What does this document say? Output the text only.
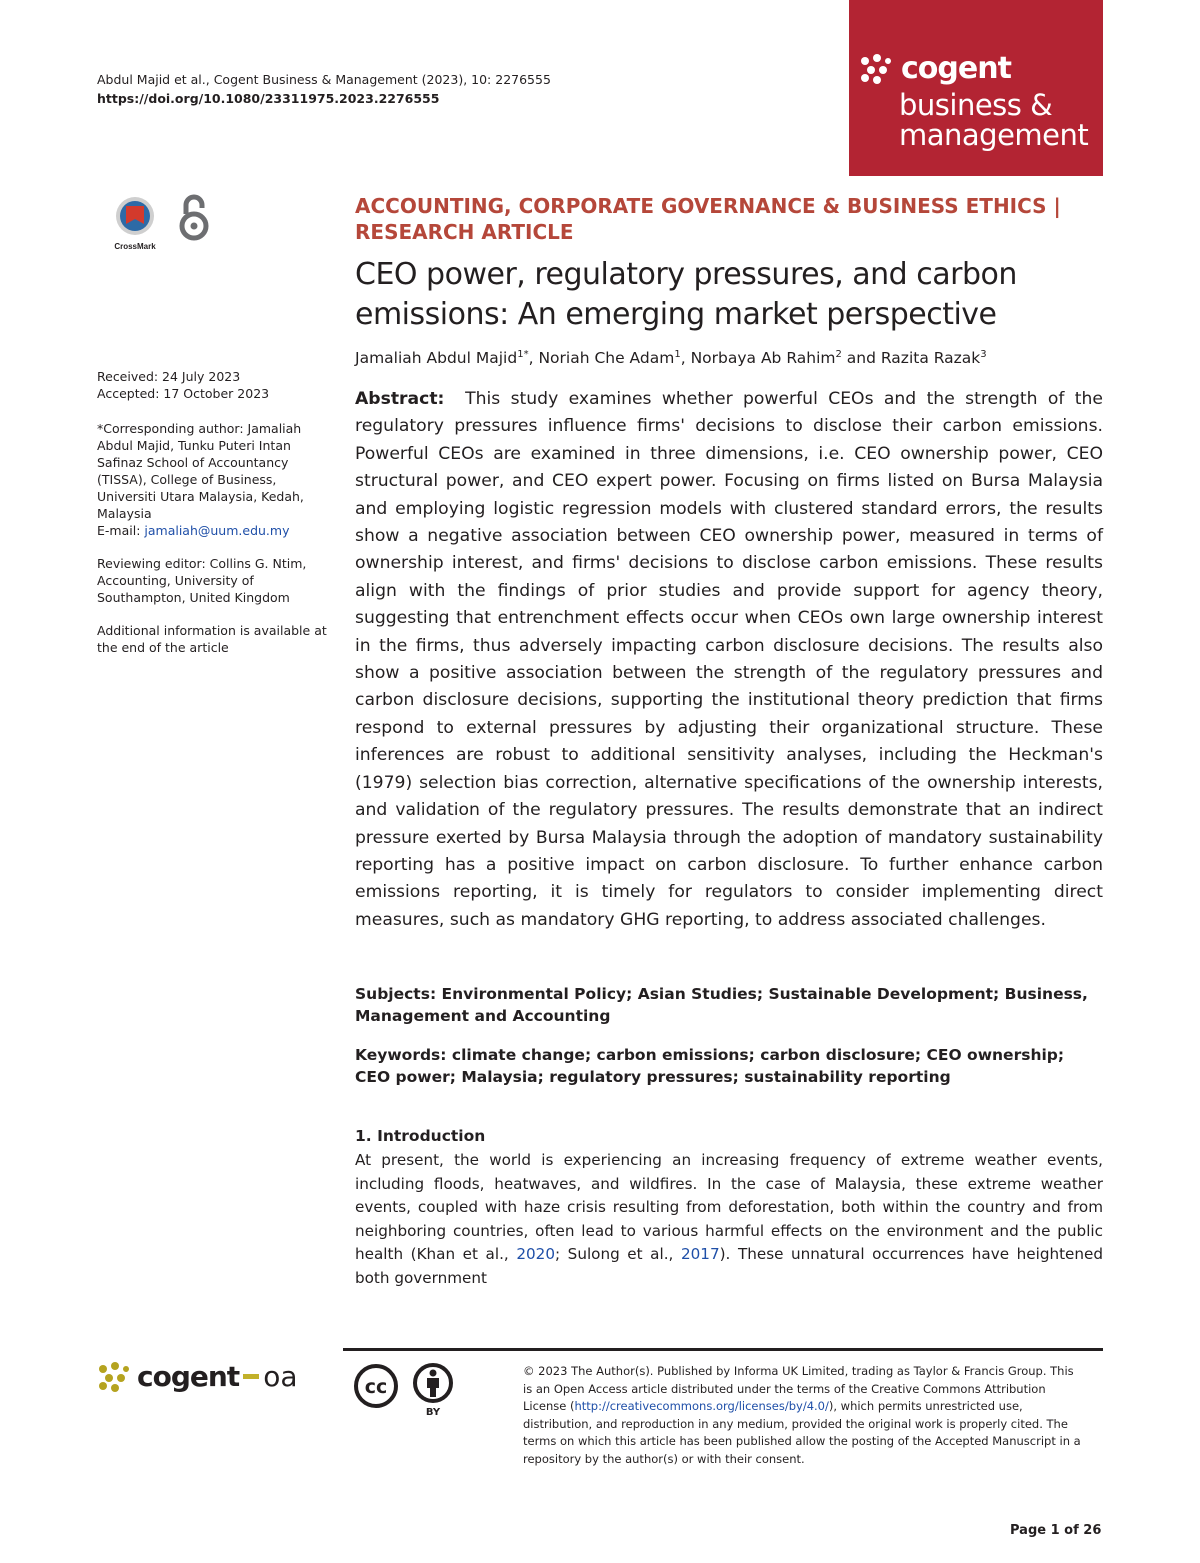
Abdul Majid et al., Cogent Business & Management (2023), 10: 2276555
https://doi.org/10.1080/23311975.2023.2276555
cogent
business &
management
CrossMark

Received: 24 July 2023
Accepted: 17 October 2023

*Corresponding author: Jamaliah Abdul Majid, Tunku Puteri Intan Safinaz School of Accountancy (TISSA), College of Business, Universiti Utara Malaysia, Kedah, Malaysia
E-mail: jamaliah@uum.edu.my

Reviewing editor: Collins G. Ntim, Accounting, University of Southampton, United Kingdom

Additional information is available at the end of the article

ACCOUNTING, CORPORATE GOVERNANCE & BUSINESS ETHICS | RESEARCH ARTICLE
CEO power, regulatory pressures, and carbon emissions: An emerging market perspective
Jamaliah Abdul Majid$^{1*}$, Noriah Che Adam$^1$, Norbaya Ab Rahim$^2$ and Razita Razak$^3$
Abstract: This study examines whether powerful CEOs and the strength of the regulatory pressures influence firms' decisions to disclose their carbon emissions. Powerful CEOs are examined in three dimensions, i.e. CEO ownership power, CEO structural power, and CEO expert power. Focusing on firms listed on Bursa Malaysia and employing logistic regression models with clustered standard errors, the results show a negative association between CEO ownership power, measured in terms of ownership interest, and firms' decisions to disclose carbon emissions. These results align with the findings of prior studies and provide support for agency theory, suggesting that entrenchment effects occur when CEOs own large ownership interest in the firms, thus adversely impacting carbon disclosure decisions. The results also show a positive association between the strength of the regulatory pressures and carbon disclosure decisions, supporting the institutional theory prediction that firms respond to external pressures by adjusting their organizational structure. These inferences are robust to additional sensitivity analyses, including the Heckman's (1979) selection bias correction, alternative specifications of the ownership interests, and validation of the regulatory pressures. The results demonstrate that an indirect pressure exerted by Bursa Malaysia through the adoption of mandatory sustainability reporting has a positive impact on carbon disclosure. To further enhance carbon emissions reporting, it is timely for regulators to consider implementing direct measures, such as mandatory GHG reporting, to address associated challenges.
Subjects: Environmental Policy; Asian Studies; Sustainable Development; Business, Management and Accounting
Keywords: climate change; carbon emissions; carbon disclosure; CEO ownership; CEO power; Malaysia; regulatory pressures; sustainability reporting
1. Introduction
At present, the world is experiencing an increasing frequency of extreme weather events, including floods, heatwaves, and wildfires. In the case of Malaysia, these extreme weather events, coupled with haze crisis resulting from deforestation, both within the country and from neighboring countries, often lead to various harmful effects on the environment and the public health (Khan et al., 2020; Sulong et al., 2017). These unnatural occurrences have heightened both government
cogent oa	cc
BY
© 2023 The Author(s). Published by Informa UK Limited, trading as Taylor & Francis Group. This is an Open Access article distributed under the terms of the Creative Commons Attribution License (http://creativecommons.org/licenses/by/4.0/), which permits unrestricted use, distribution, and reproduction in any medium, provided the original work is properly cited. The terms on which this article has been published allow the posting of the Accepted Manuscript in a repository by the author(s) or with their consent.
Page 1 of 26
